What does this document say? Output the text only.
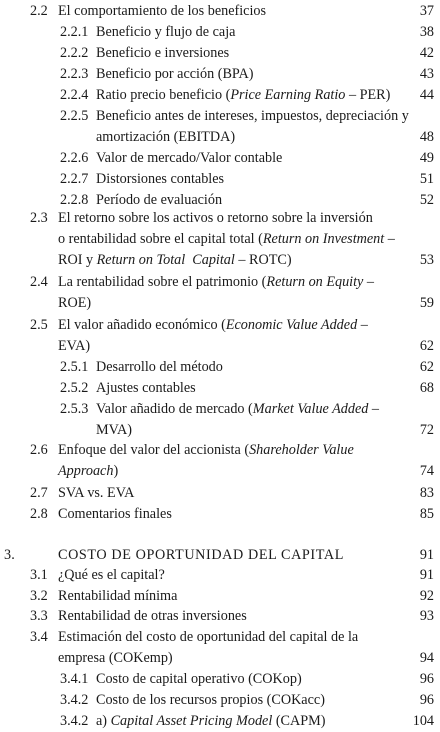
2.2 El comportamiento de los beneficios	37
2.2.1 Beneficio y flujo de caja	38
2.2.2 Beneficio e inversiones	42
2.2.3 Beneficio por acción (BPA)	43
2.2.4 Ratio precio beneficio (Price Earning Ratio – PER) 44
2.2.5 Beneficio antes de intereses, impuestos, depreciación y
amortización (EBITDA)	48
2.2.6 Valor de mercado/Valor contable	49
2.2.7 Distorsiones contables	51
2.2.8 Período de evaluación	52
2.3 El retorno sobre los activos o retorno sobre la inversión
o rentabilidad sobre el capital total (Return on Investment –
ROI y Return on Total  Capital – ROTC)	53
2.4 La rentabilidad sobre el patrimonio (Return on Equity –
ROE)	59
2.5 El valor añadido económico (Economic Value Added –
EVA)	62
2.5.1 Desarrollo del método	62
2.5.2 Ajustes contables	68
2.5.3 Valor añadido de mercado (Market Value Added –
MVA)	72
2.6 Enfoque del valor del accionista (Shareholder Value
Approach)	74
2.7 SVA vs. EVA	83
2.8 Comentarios finales	85
3.	COSTO DE OPORTUNIDAD DEL CAPITAL	91
3.1 ¿Qué es el capital?	91
3.2 Rentabilidad mínima	92
3.3 Rentabilidad de otras inversiones	93
3.4 Estimación del costo de oportunidad del capital de la
empresa (COKemp)	94
3.4.1 Costo de capital operativo (COKop)	96
3.4.2 Costo de los recursos propios (COKacc)	96
3.4.2 a) Capital Asset Pricing Model (CAPM)	104
